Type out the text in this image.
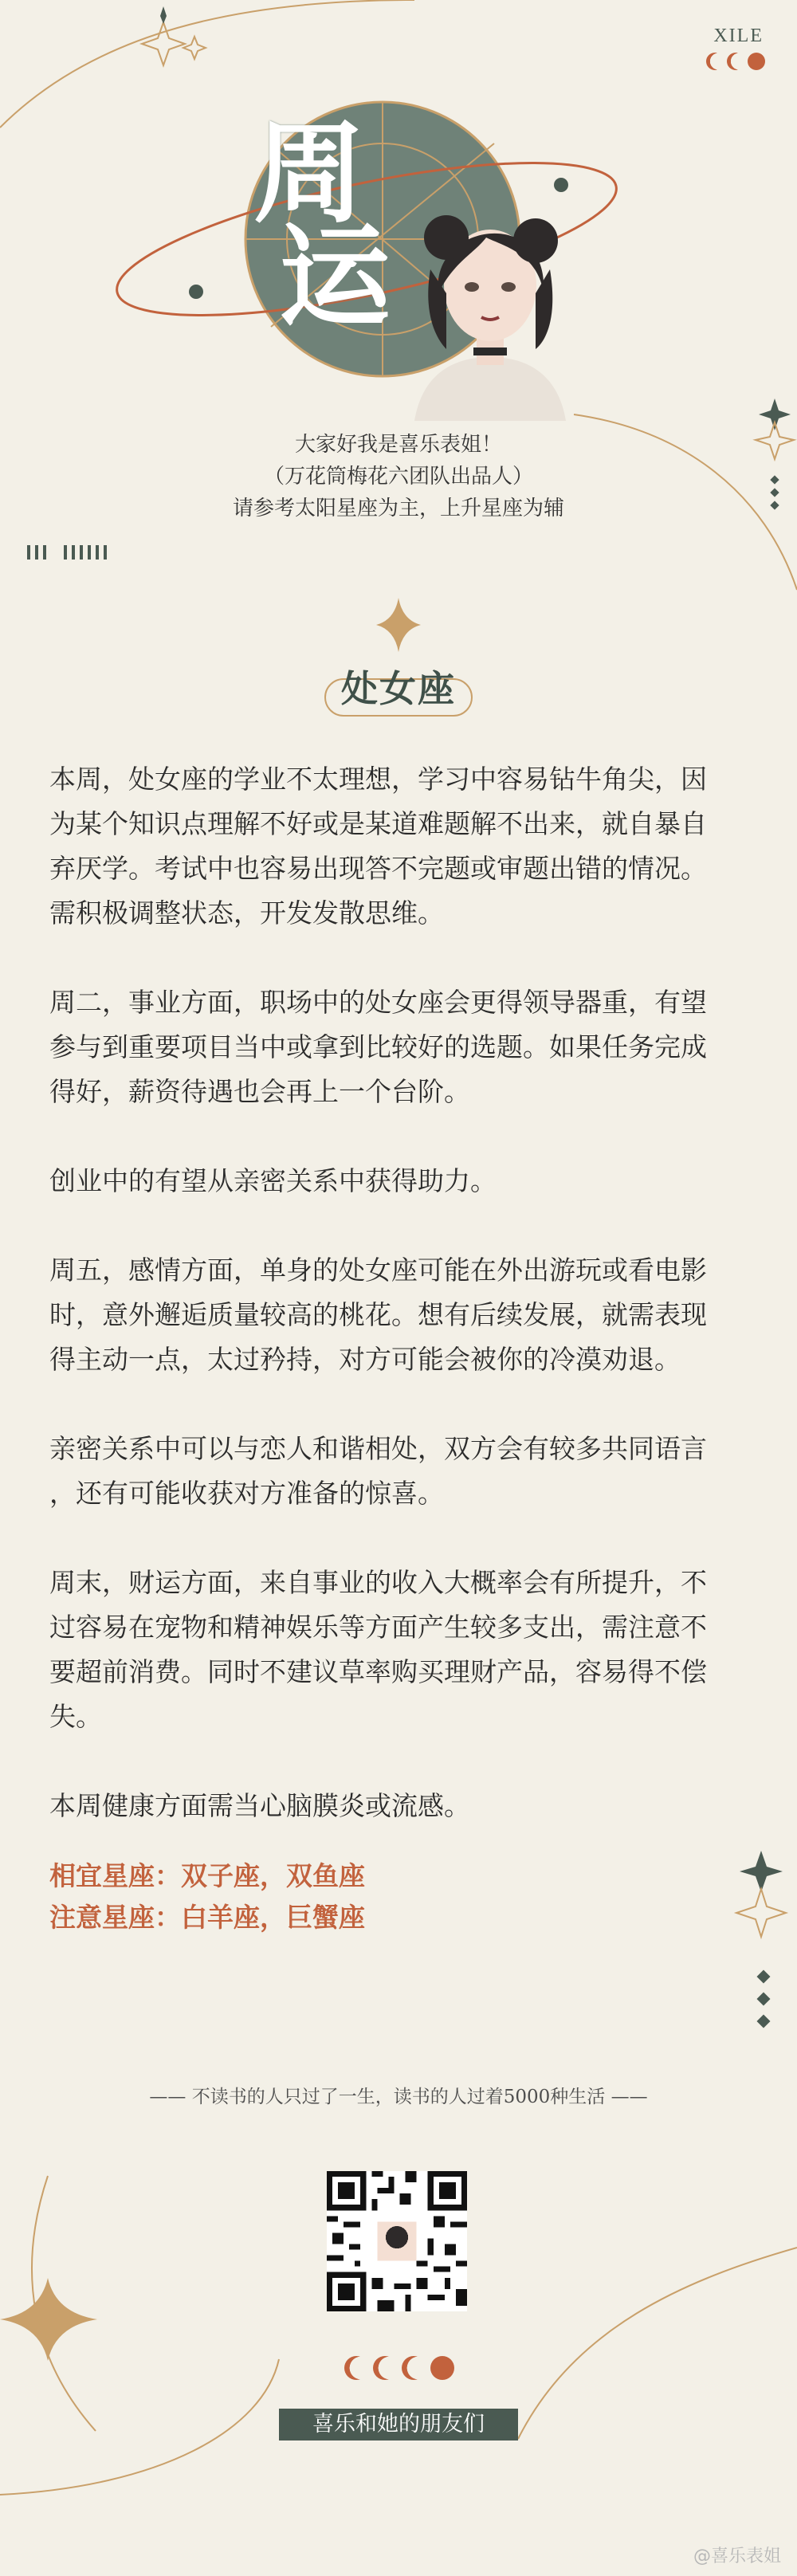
XILE
周
运
大家好我是喜乐表姐！
（万花筒梅花六团队出品人）
请参考太阳星座为主，上升星座为辅
处女座

本周，处女座的学业不太理想，学习中容易钻牛角尖，因

为某个知识点理解不好或是某道难题解不出来，就自暴自

弃厌学。考试中也容易出现答不完题或审题出错的情况。

需积极调整状态，开发发散思维。

周二，事业方面，职场中的处女座会更得领导器重，有望

参与到重要项目当中或拿到比较好的选题。如果任务完成

得好，薪资待遇也会再上一个台阶。

创业中的有望从亲密关系中获得助力。

周五，感情方面，单身的处女座可能在外出游玩或看电影

时，意外邂逅质量较高的桃花。想有后续发展，就需表现

得主动一点，太过矜持，对方可能会被你的冷漠劝退。

亲密关系中可以与恋人和谐相处，双方会有较多共同语言

，还有可能收获对方准备的惊喜。

周末，财运方面，来自事业的收入大概率会有所提升，不

过容易在宠物和精神娱乐等方面产生较多支出，需注意不

要超前消费。同时不建议草率购买理财产品，容易得不偿

失。

本周健康方面需当心脑膜炎或流感。

相宜星座：双子座，双鱼座
注意星座：白羊座，巨蟹座
—— 不读书的人只过了一生，读书的人过着5000种生活 ——
喜乐和她的朋友们
@喜乐表姐
